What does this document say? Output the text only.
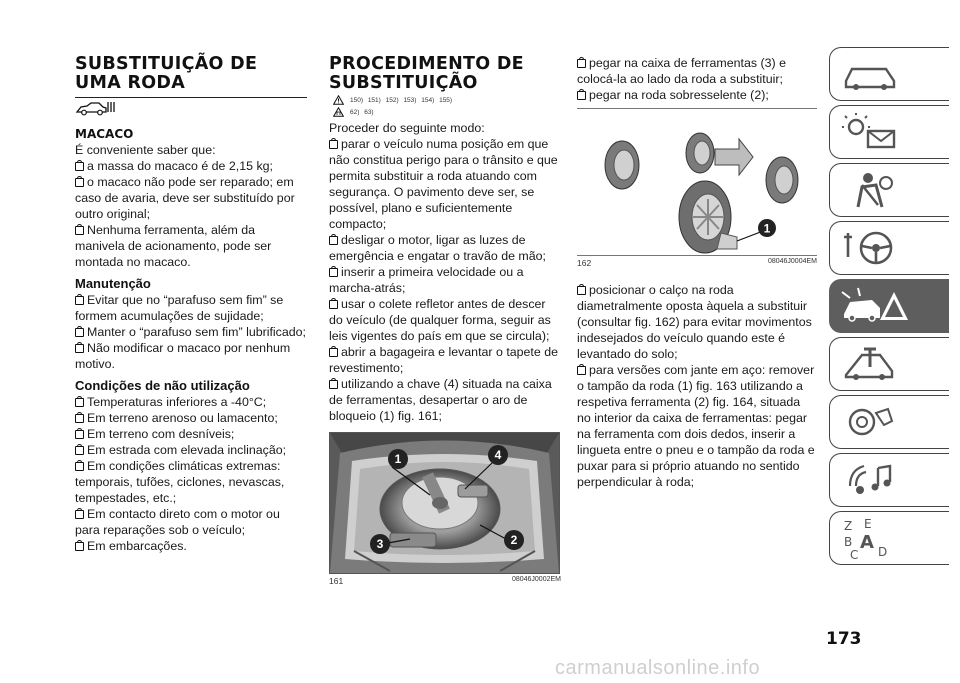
SUBSTITUIÇÃO DE
UMA RODA
MACACO

É conveniente saber que:

a massa do macaco é de 2,15 kg;

o macaco não pode ser reparado; em caso de avaria, deve ser substituído por outro original;

Nenhuma ferramenta, além da manivela de acionamento, pode ser montada no macaco.

Manutenção

Evitar que no “parafuso sem fim” se formem acumulações de sujidade;

Manter o “parafuso sem fim” lubrificado;

Não modificar o macaco por nenhum motivo.

Condições de não utilização

Temperaturas inferiores a -40°C;

Em terreno arenoso ou lamacento;

Em terreno com desníveis;

Em estrada com elevada inclinação;

Em condições climáticas extremas: temporais, tufões, ciclones, nevascas, tempestades, etc.;

Em contacto direto com o motor ou para reparações sob o veículo;

Em embarcações.

PROCEDIMENTO DE
SUBSTITUIÇÃO
150) 151) 152) 153) 154) 155)
62) 63)

Proceder do seguinte modo:

parar o veículo numa posição em que não constitua perigo para o trânsito e que permita substituir a roda atuando com segurança. O pavimento deve ser, se possível, plano e suficientemente compacto;

desligar o motor, ligar as luzes de emergência e engatar o travão de mão;

inserir a primeira velocidade ou a marcha-atrás;

usar o colete refletor antes de descer do veículo (de qualquer forma, seguir as leis vigentes do país em que se circula);

abrir a bagageira e levantar o tapete de revestimento;

utilizando a chave (4) situada na caixa de ferramentas, desapertar o aro de bloqueio (1) fig. 161;

1	4
3	2
161	08046J0002EM

pegar na caixa de ferramentas (3) e colocá-la ao lado da roda a substituir;

pegar na roda sobresselente (2);

1
162	08046J0004EM

posicionar o calço na roda diametralmente oposta àquela a substituir (consultar fig. 162) para evitar movimentos indesejados do veículo quando este é levantado do solo;

para versões com jante em aço: remover o tampão da roda (1) fig. 163 utilizando a respetiva ferramenta (2) fig. 164, situada no interior da caixa de ferramentas: pegar na ferramenta com dois dedos, inserir a lingueta entre o pneu e o tampão da roda e puxar para si próprio atuando no sentido perpendicular à roda;

Z E
B A
C D
173
carmanualsonline.info
